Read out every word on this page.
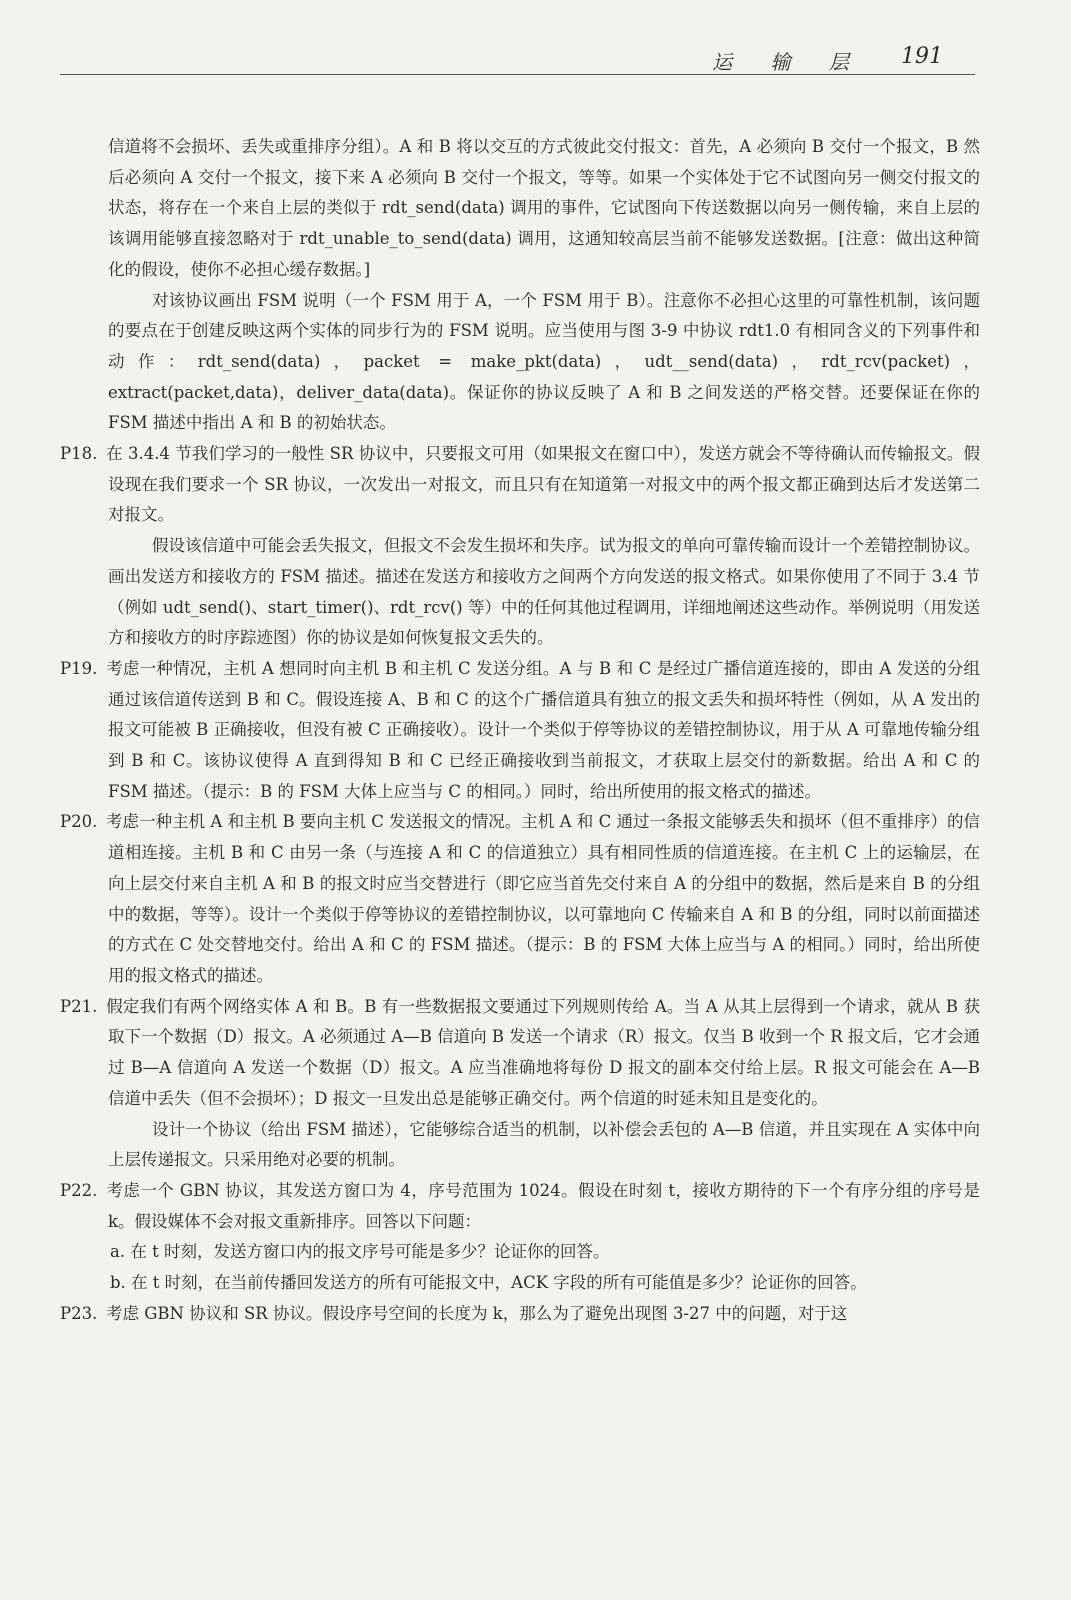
运 输 层 191

信道将不会损坏、丢失或重排序分组）。A 和 B 将以交互的方式彼此交付报文：首先，A 必须向 B 交付一个报文，B 然后必须向 A 交付一个报文，接下来 A 必须向 B 交付一个报文，等等。如果一个实体处于它不试图向另一侧交付报文的状态，将存在一个来自上层的类似于 rdt_send(data) 调用的事件，它试图向下传送数据以向另一侧传输，来自上层的该调用能够直接忽略对于 rdt_unable_to_send(data) 调用，这通知较高层当前不能够发送数据。[注意：做出这种简化的假设，使你不必担心缓存数据。]

对该协议画出 FSM 说明（一个 FSM 用于 A，一个 FSM 用于 B）。注意你不必担心这里的可靠性机制，该问题的要点在于创建反映这两个实体的同步行为的 FSM 说明。应当使用与图 3-9 中协议 rdt1.0 有相同含义的下列事件和动作：rdt_send(data)，packet = make_pkt(data)，udt__send(data)，rdt_rcv(packet)，extract(packet,data)，deliver_data(data)。保证你的协议反映了 A 和 B 之间发送的严格交替。还要保证在你的 FSM 描述中指出 A 和 B 的初始状态。

P18. 在 3.4.4 节我们学习的一般性 SR 协议中，只要报文可用（如果报文在窗口中），发送方就会不等待确认而传输报文。假设现在我们要求一个 SR 协议，一次发出一对报文，而且只有在知道第一对报文中的两个报文都正确到达后才发送第二对报文。

假设该信道中可能会丢失报文，但报文不会发生损坏和失序。试为报文的单向可靠传输而设计一个差错控制协议。画出发送方和接收方的 FSM 描述。描述在发送方和接收方之间两个方向发送的报文格式。如果你使用了不同于 3.4 节（例如 udt_send()、start_timer()、rdt_rcv() 等）中的任何其他过程调用，详细地阐述这些动作。举例说明（用发送方和接收方的时序踪迹图）你的协议是如何恢复报文丢失的。

P19. 考虑一种情况，主机 A 想同时向主机 B 和主机 C 发送分组。A 与 B 和 C 是经过广播信道连接的，即由 A 发送的分组通过该信道传送到 B 和 C。假设连接 A、B 和 C 的这个广播信道具有独立的报文丢失和损坏特性（例如，从 A 发出的报文可能被 B 正确接收，但没有被 C 正确接收）。设计一个类似于停等协议的差错控制协议，用于从 A 可靠地传输分组到 B 和 C。该协议使得 A 直到得知 B 和 C 已经正确接收到当前报文，才获取上层交付的新数据。给出 A 和 C 的 FSM 描述。（提示：B 的 FSM 大体上应当与 C 的相同。）同时，给出所使用的报文格式的描述。
P20. 考虑一种主机 A 和主机 B 要向主机 C 发送报文的情况。主机 A 和 C 通过一条报文能够丢失和损坏（但不重排序）的信道相连接。主机 B 和 C 由另一条（与连接 A 和 C 的信道独立）具有相同性质的信道连接。在主机 C 上的运输层，在向上层交付来自主机 A 和 B 的报文时应当交替进行（即它应当首先交付来自 A 的分组中的数据，然后是来自 B 的分组中的数据，等等）。设计一个类似于停等协议的差错控制协议，以可靠地向 C 传输来自 A 和 B 的分组，同时以前面描述的方式在 C 处交替地交付。给出 A 和 C 的 FSM 描述。（提示：B 的 FSM 大体上应当与 A 的相同。）同时，给出所使用的报文格式的描述。
P21. 假定我们有两个网络实体 A 和 B。B 有一些数据报文要通过下列规则传给 A。当 A 从其上层得到一个请求，就从 B 获取下一个数据（D）报文。A 必须通过 A—B 信道向 B 发送一个请求（R）报文。仅当 B 收到一个 R 报文后，它才会通过 B—A 信道向 A 发送一个数据（D）报文。A 应当准确地将每份 D 报文的副本交付给上层。R 报文可能会在 A—B 信道中丢失（但不会损坏）；D 报文一旦发出总是能够正确交付。两个信道的时延未知且是变化的。

设计一个协议（给出 FSM 描述），它能够综合适当的机制，以补偿会丢包的 A—B 信道，并且实现在 A 实体中向上层传递报文。只采用绝对必要的机制。

P22. 考虑一个 GBN 协议，其发送方窗口为 4，序号范围为 1024。假设在时刻 t，接收方期待的下一个有序分组的序号是 k。假设媒体不会对报文重新排序。回答以下问题：

a. 在 t 时刻，发送方窗口内的报文序号可能是多少？论证你的回答。

b. 在 t 时刻，在当前传播回发送方的所有可能报文中，ACK 字段的所有可能值是多少？论证你的回答。

P23. 考虑 GBN 协议和 SR 协议。假设序号空间的长度为 k，那么为了避免出现图 3-27 中的问题，对于这
